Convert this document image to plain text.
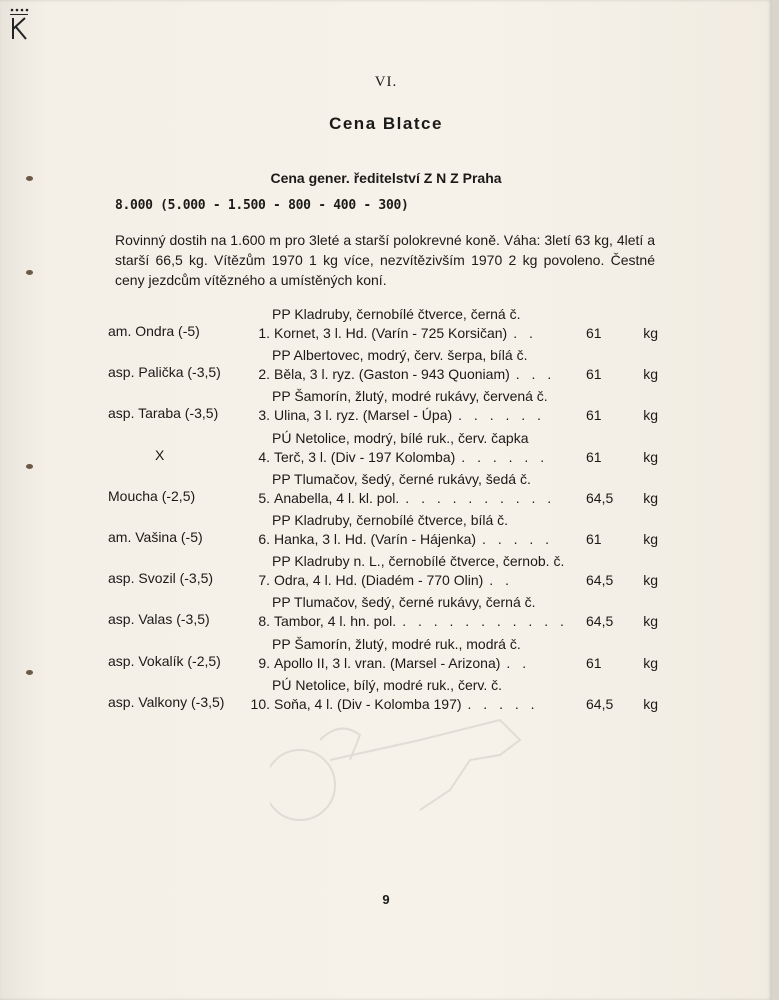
VI.
Cena Blatce
Cena gener. ředitelství Z N Z Praha
8.000 (5.000 - 1.500 - 800 - 400 - 300)
Rovinný dostih na 1.600 m pro 3leté a starší polokrevné koně. Váha: 3letí 63 kg, 4letí a starší 66,5 kg. Vítězům 1970 1 kg více, nezvítězivším 1970 2 kg povoleno. Čestné ceny jezdcům vítězného a umístěných koní.
PP Kladruby, černobílé čtverce, černá č.
am. Ondra (-5)	1. Kornet, 3 l. Hd. (Varín - 725 Korsičan) . .	61	kg
PP Albertovec, modrý, červ. šerpa, bílá č.
asp. Palička (-3,5)	2. Běla, 3 l. ryz. (Gaston - 943 Quoniam) . . .	61	kg
PP Šamorín, žlutý, modré rukávy, červená č.
asp. Taraba (-3,5)	3. Ulina, 3 l. ryz. (Marsel - Úpa) . . . . . .	61	kg
PÚ Netolice, modrý, bílé ruk., červ. čapka
X	4. Terč, 3 l. (Div - 197 Kolomba) . . . . . .	61	kg
PP Tlumačov, šedý, černé rukávy, šedá č.
Moucha (-2,5)	5. Anabella, 4 l. kl. pol. . . . . . . . . . .	64,5	kg
PP Kladruby, černobílé čtverce, bílá č.
am. Vašina (-5)	6. Hanka, 3 l. Hd. (Varín - Hájenka) . . . . .	61	kg
PP Kladruby n. L., černobílé čtverce, černob. č.
asp. Svozil (-3,5)	7. Odra, 4 l. Hd. (Diadém - 770 Olin) . .	64,5	kg
PP Tlumačov, šedý, černé rukávy, černá č.
asp. Valas (-3,5)	8. Tambor, 4 l. hn. pol. . . . . . . . . . . .	64,5	kg
PP Šamorín, žlutý, modré ruk., modrá č.
asp. Vokalík (-2,5)	9. Apollo II, 3 l. vran. (Marsel - Arizona) . .	61	kg
PÚ Netolice, bílý, modré ruk., červ. č.
asp. Valkony (-3,5)	10. Soňa, 4 l. (Div - Kolomba 197) . . . . .	64,5	kg
9
